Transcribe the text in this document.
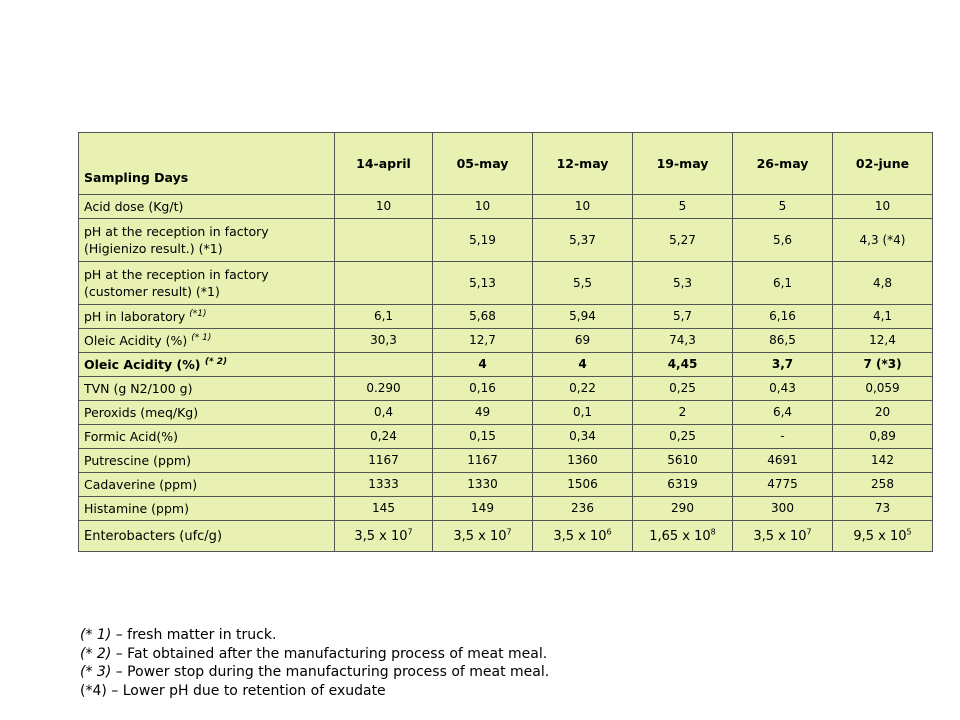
Sampling Days	14-april	05-may	12-may	19-may	26-may	02-june
Acid dose (Kg/t)	10	10	10	5	5	10
pH at the reception in factory (Higienizo result.) (*1)		5,19	5,37	5,27	5,6	4,3 (*4)
pH at the reception in factory (customer result) (*1)		5,13	5,5	5,3	6,1	4,8
pH in laboratory $^{(*1)}$	6,1	5,68	5,94	5,7	6,16	4,1
Oleic Acidity (%) $^{(* 1)}$	30,3	12,7	69	74,3	86,5	12,4
Oleic Acidity (%) $^{(* 2)}$		4	4	4,45	3,7	7 (*3)
TVN (g N2/100 g)	0.290	0,16	0,22	0,25	0,43	0,059
Peroxids (meq/Kg)	0,4	49	0,1	2	6,4	20
Formic Acid(%)	0,24	0,15	0,34	0,25	-	0,89
Putrescine (ppm)	1167	1167	1360	5610	4691	142
Cadaverine (ppm)	1333	1330	1506	6319	4775	258
Histamine (ppm)	145	149	236	290	300	73
Enterobacters (ufc/g)	3,5 x $10^7$	3,5 x $10^7$	3,5 x $10^6$	1,65 x $10^8$	3,5 x $10^7$	9,5 x $10^5$
(* 1) – fresh matter in truck.
(* 2) – Fat obtained after the manufacturing process of meat meal.
(* 3) – Power stop during the manufacturing process of meat meal.
(*4) – Lower pH due to retention of exudate
